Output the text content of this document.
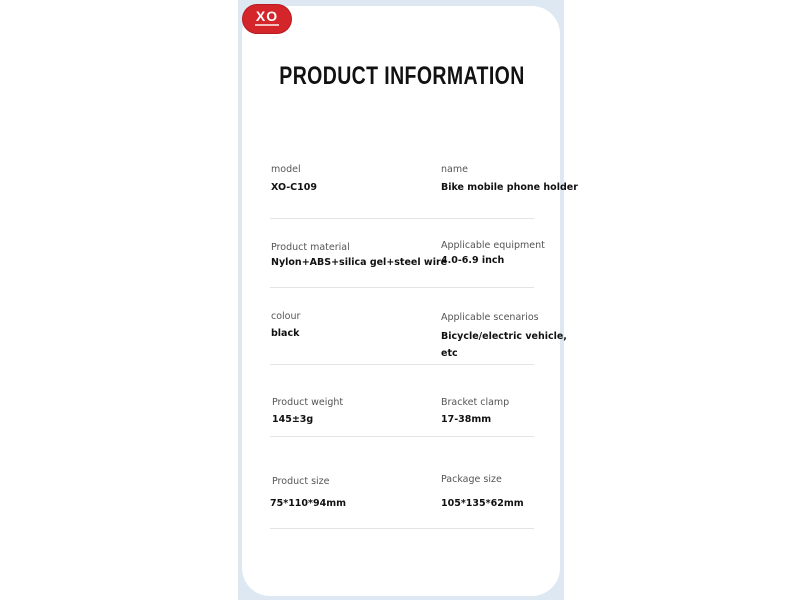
XO
PRODUCT INFORMATION
model
XO-C109
name
Bike mobile phone holder
Product material
Nylon+ABS+silica gel+steel wire
Applicable equipment
4.0-6.9 inch
colour
black
Applicable scenarios
Bicycle/electric vehicle,
etc
Product weight
145±3g
Bracket clamp
17-38mm
Product size
75*110*94mm
Package size
105*135*62mm
